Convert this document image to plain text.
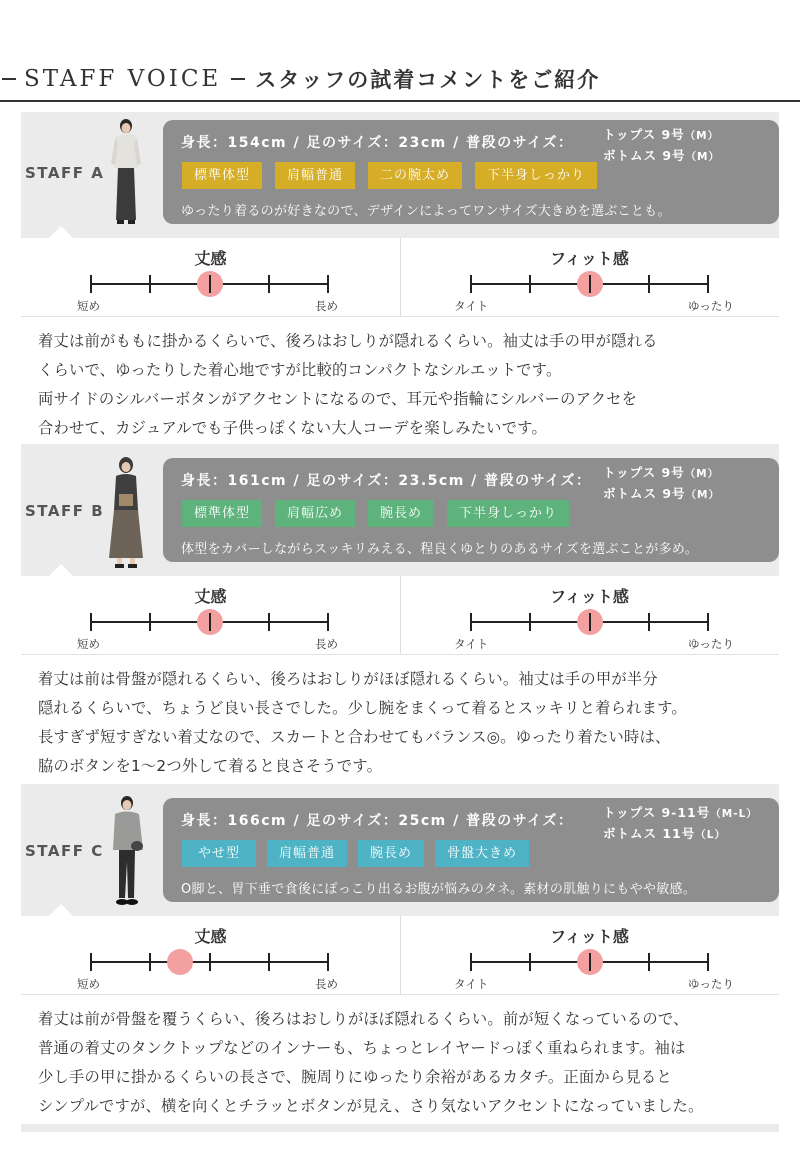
STAFF VOICE スタッフの試着コメントをご紹介
STAFF A
身長：154cm / 足のサイズ：23cm / 普段のサイズ：
トップス 9号（M）
ボトムス 9号（M）
標準体型	肩幅普通	二の腕太め	下半身しっかり
ゆったり着るのが好きなので、デザインによってワンサイズ大きめを選ぶことも。
丈感
短め	長め
フィット感
タイト	ゆったり

着丈は前がももに掛かるくらいで、後ろはおしりが隠れるくらい。袖丈は手の甲が隠れる

くらいで、ゆったりした着心地ですが比較的コンパクトなシルエットです。

両サイドのシルバーボタンがアクセントになるので、耳元や指輪にシルバーのアクセを

合わせて、カジュアルでも子供っぽくない大人コーデを楽しみたいです。

STAFF B
身長：161cm / 足のサイズ：23.5cm / 普段のサイズ：
トップス 9号（M）
ボトムス 9号（M）
標準体型	肩幅広め	腕長め	下半身しっかり
体型をカバーしながらスッキリみえる、程良くゆとりのあるサイズを選ぶことが多め。
丈感
短め	長め
フィット感
タイト	ゆったり

着丈は前は骨盤が隠れるくらい、後ろはおしりがほぼ隠れるくらい。袖丈は手の甲が半分

隠れるくらいで、ちょうど良い長さでした。少し腕をまくって着るとスッキリと着られます。

長すぎず短すぎない着丈なので、スカートと合わせてもバランス◎。ゆったり着たい時は、

脇のボタンを1〜2つ外して着ると良さそうです。

STAFF C
身長：166cm / 足のサイズ：25cm / 普段のサイズ：
トップス 9-11号（M-L）
ボトムス 11号（L）
やせ型	肩幅普通	腕長め	骨盤大きめ
O脚と、胃下垂で食後にぽっこり出るお腹が悩みのタネ。素材の肌触りにもやや敏感。
丈感
短め	長め
フィット感
タイト	ゆったり

着丈は前が骨盤を覆うくらい、後ろはおしりがほぼ隠れるくらい。前が短くなっているので、

普通の着丈のタンクトップなどのインナーも、ちょっとレイヤードっぽく重ねられます。袖は

少し手の甲に掛かるくらいの長さで、腕周りにゆったり余裕があるカタチ。正面から見ると

シンプルですが、横を向くとチラッとボタンが見え、さり気ないアクセントになっていました。
